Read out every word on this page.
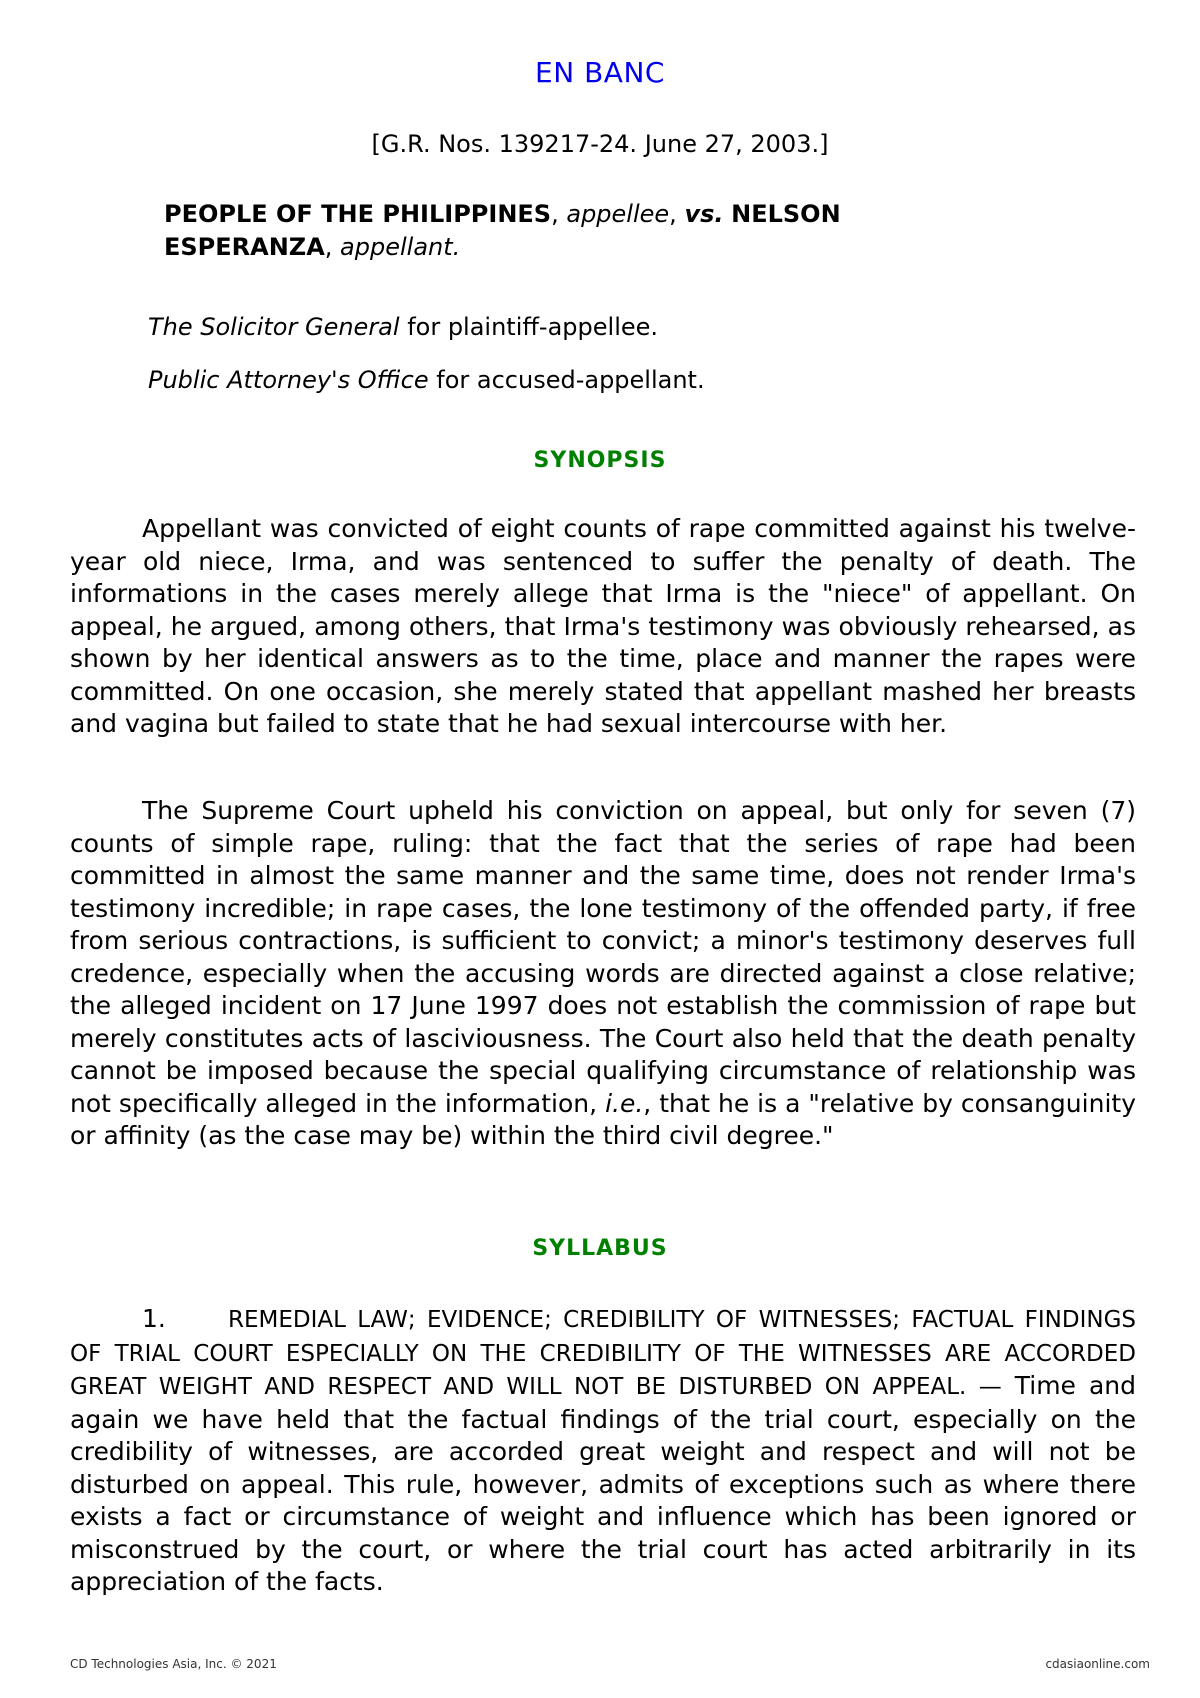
EN BANC
[G.R. Nos. 139217-24. June 27, 2003.]
PEOPLE OF THE PHILIPPINES, appellee, vs. NELSON ESPERANZA, appellant.
The Solicitor General for plaintiff-appellee.
Public Attorney's Office for accused-appellant.
SYNOPSIS

Appellant was convicted of eight counts of rape committed against his twelve-year old niece, Irma, and was sentenced to suffer the penalty of death. The informations in the cases merely allege that Irma is the "niece" of appellant. On appeal, he argued, among others, that Irma's testimony was obviously rehearsed, as shown by her identical answers as to the time, place and manner the rapes were committed. On one occasion, she merely stated that appellant mashed her breasts and vagina but failed to state that he had sexual intercourse with her.

The Supreme Court upheld his conviction on appeal, but only for seven (7) counts of simple rape, ruling: that the fact that the series of rape had been committed in almost the same manner and the same time, does not render Irma's testimony incredible; in rape cases, the lone testimony of the offended party, if free from serious contractions, is sufficient to convict; a minor's testimony deserves full credence, especially when the accusing words are directed against a close relative; the alleged incident on 17 June 1997 does not establish the commission of rape but merely constitutes acts of lasciviousness. The Court also held that the death penalty cannot be imposed because the special qualifying circumstance of relationship was not specifically alleged in the information, i.e., that he is a "relative by consanguinity or affinity (as the case may be) within the third civil degree."

SYLLABUS

1.	REMEDIAL LAW; EVIDENCE; CREDIBILITY OF WITNESSES; FACTUAL FINDINGS OF TRIAL COURT ESPECIALLY ON THE CREDIBILITY OF THE WITNESSES ARE ACCORDED GREAT WEIGHT AND RESPECT AND WILL NOT BE DISTURBED ON APPEAL. — Time and again we have held that the factual findings of the trial court, especially on the credibility of witnesses, are accorded great weight and respect and will not be disturbed on appeal. This rule, however, admits of exceptions such as where there exists a fact or circumstance of weight and influence which has been ignored or misconstrued by the court, or where the trial court has acted arbitrarily in its appreciation of the facts.

CD Technologies Asia, Inc. © 2021	cdasiaonline.com
